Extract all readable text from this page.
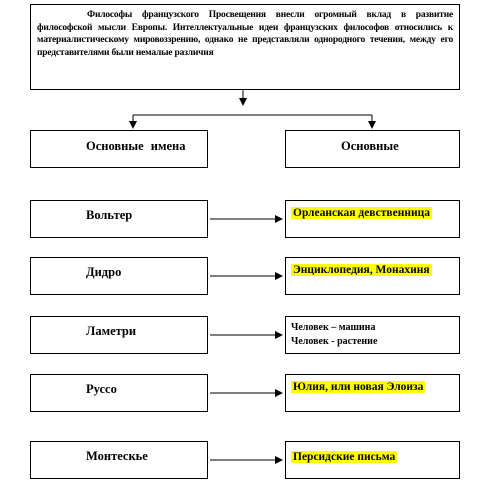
Философы французского Просвещения внесли огромный вклад в развитие философской мысли Европы. Интеллектуальные идеи французских философов относились к материалистическому мировоззрению, однако не представляли однородного течения, между его представителями были немалые различия

Основные имена	Основные
Вольтер	Орлеанская девственница
Дидро	Энциклопедия, Монахиня
Ламетри	Человек – машина
Человек - растение
Руссо	Юлия, или новая Элоиза
Монтескье	Персидские письма
